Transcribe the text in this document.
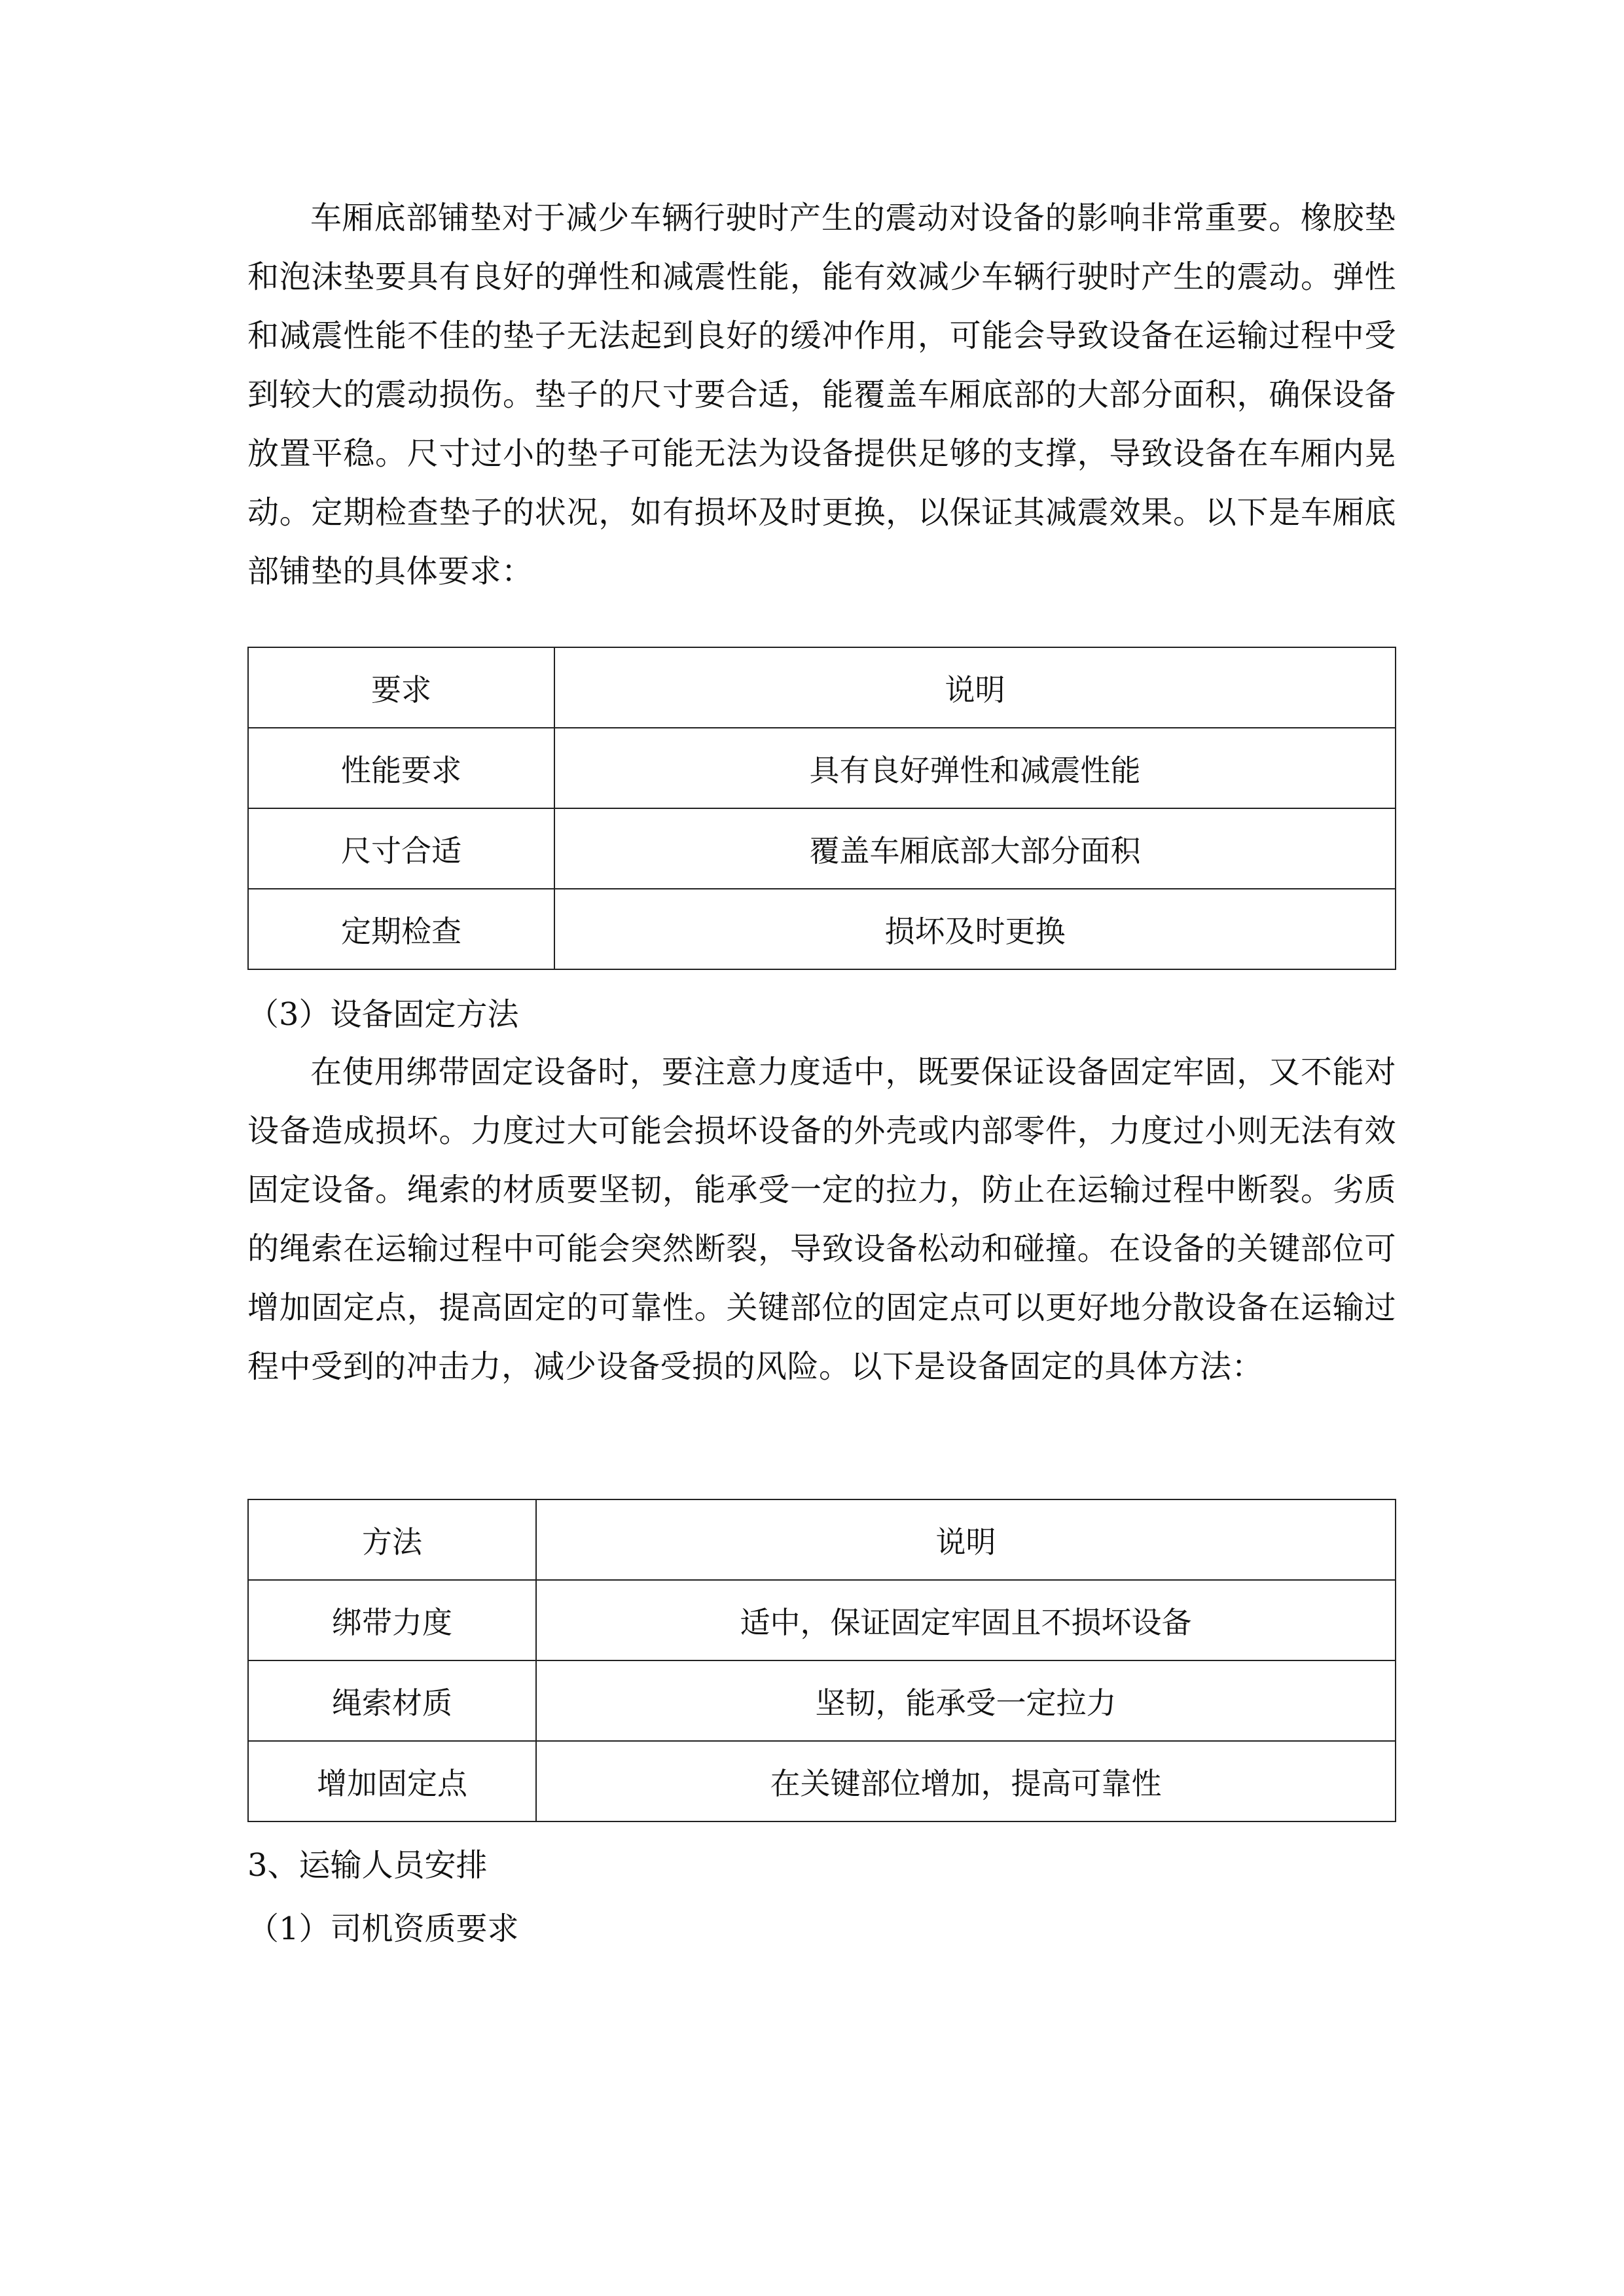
车厢底部铺垫对于减少车辆行驶时产生的震动对设备的影响非常重要。橡胶垫和泡沫垫要具有良好的弹性和减震性能，能有效减少车辆行驶时产生的震动。弹性和减震性能不佳的垫子无法起到良好的缓冲作用，可能会导致设备在运输过程中受到较大的震动损伤。垫子的尺寸要合适，能覆盖车厢底部的大部分面积，确保设备放置平稳。尺寸过小的垫子可能无法为设备提供足够的支撑，导致设备在车厢内晃动。定期检查垫子的状况，如有损坏及时更换，以保证其减震效果。以下是车厢底部铺垫的具体要求：

要求	说明
性能要求	具有良好弹性和减震性能
尺寸合适	覆盖车厢底部大部分面积
定期检查	损坏及时更换

（3）设备固定方法

在使用绑带固定设备时，要注意力度适中，既要保证设备固定牢固，又不能对设备造成损坏。力度过大可能会损坏设备的外壳或内部零件，力度过小则无法有效固定设备。绳索的材质要坚韧，能承受一定的拉力，防止在运输过程中断裂。劣质的绳索在运输过程中可能会突然断裂，导致设备松动和碰撞。在设备的关键部位可增加固定点，提高固定的可靠性。关键部位的固定点可以更好地分散设备在运输过程中受到的冲击力，减少设备受损的风险。以下是设备固定的具体方法：

方法	说明
绑带力度	适中，保证固定牢固且不损坏设备
绳索材质	坚韧，能承受一定拉力
增加固定点	在关键部位增加，提高可靠性

3、运输人员安排

（1）司机资质要求
